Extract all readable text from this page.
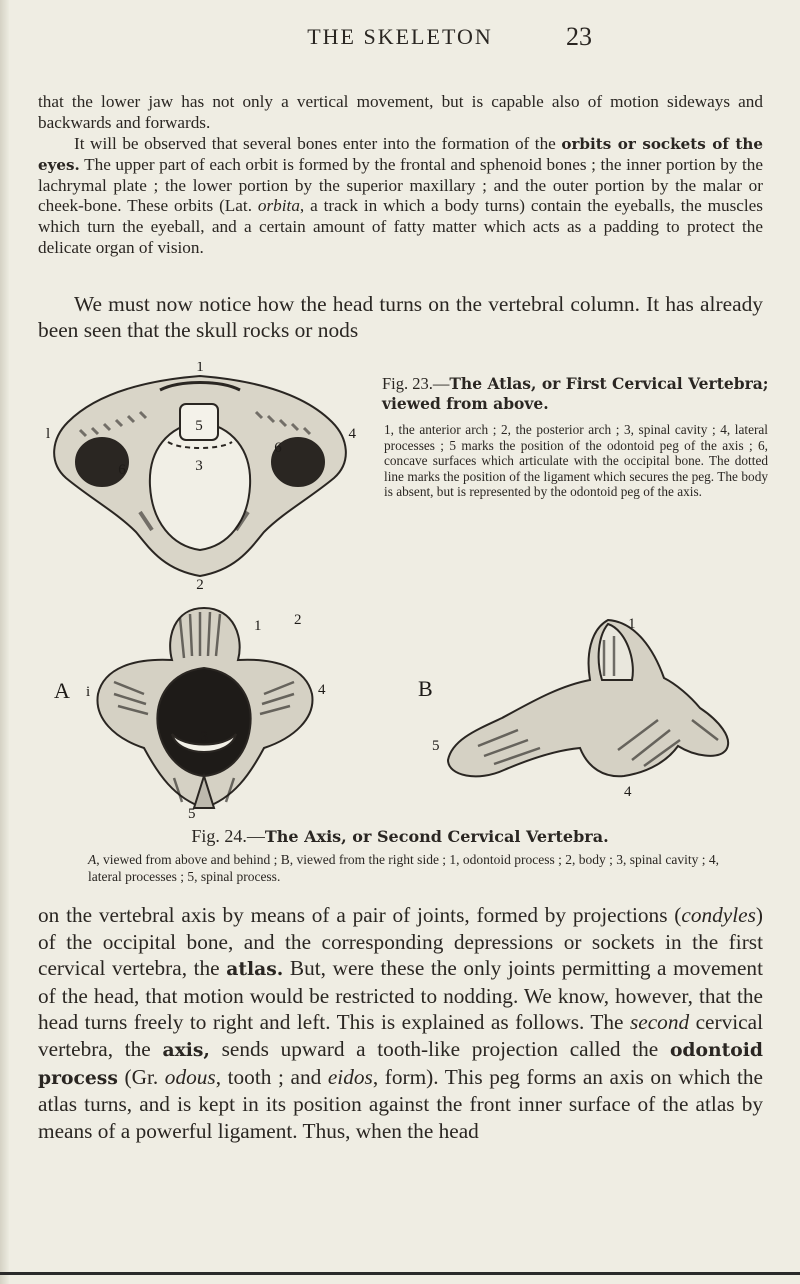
THE SKELETON	23

that the lower jaw has not only a vertical movement, but is capable also of motion sideways and backwards and forwards.

It will be observed that several bones enter into the formation of the orbits or sockets of the eyes. The upper part of each orbit is formed by the frontal and sphenoid bones ; the inner portion by the lachrymal plate ; the lower portion by the superior maxillary ; and the outer portion by the malar or cheek-bone. These orbits (Lat. orbita, a track in which a body turns) contain the eyeballs, the muscles which turn the eyeball, and a certain amount of fatty matter which acts as a padding to protect the delicate organ of vision.

We must now notice how the head turns on the vertebral column. It has already been seen that the skull rocks or nods

1
2
3
4
5
6
6
l
Fig. 23.—The Atlas, or First Cervical Vertebra; viewed from above.
1, the anterior arch ; 2, the posterior arch ; 3, spinal cavity ; 4, lateral processes ; 5 marks the position of the odontoid peg of the axis ; 6, concave surfaces which articulate with the occipital bone. The dotted line marks the position of the ligament which secures the peg. The body is absent, but is represented by the odontoid peg of the axis.
A
1 2
3
4
5
i	B
1
4
5
Fig. 24.—The Axis, or Second Cervical Vertebra.
A, viewed from above and behind ; B, viewed from the right side ; 1, odontoid process ; 2, body ; 3, spinal cavity ; 4, lateral processes ; 5, spinal process.

on the vertebral axis by means of a pair of joints, formed by projections (condyles) of the occipital bone, and the corresponding depressions or sockets in the first cervical vertebra, the atlas. But, were these the only joints permitting a movement of the head, that motion would be restricted to nodding. We know, however, that the head turns freely to right and left. This is explained as follows. The second cervical vertebra, the axis, sends upward a tooth-like projection called the odontoid process (Gr. odous, tooth ; and eidos, form). This peg forms an axis on which the atlas turns, and is kept in its position against the front inner surface of the atlas by means of a powerful ligament. Thus, when the head
